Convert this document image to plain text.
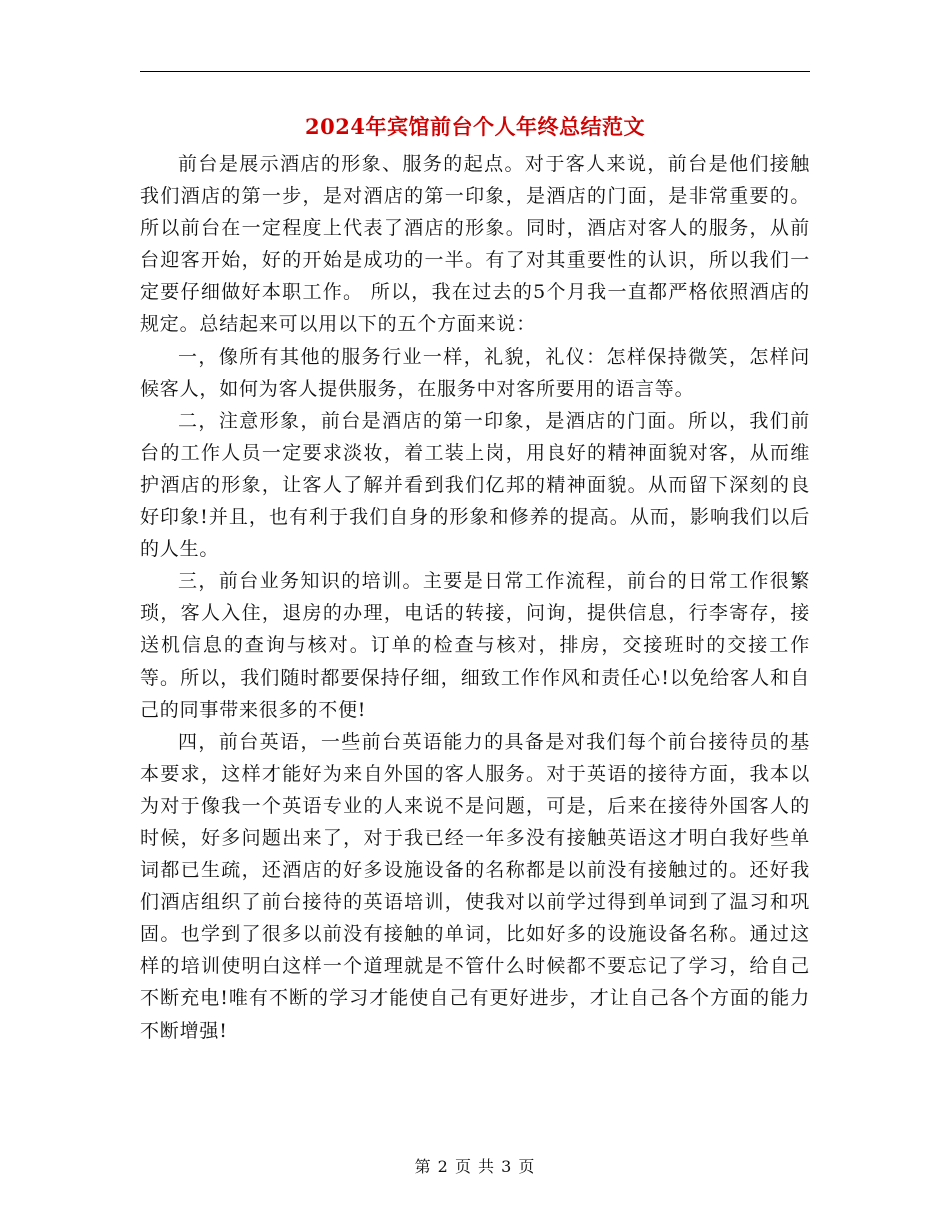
2024年宾馆前台个人年终总结范文

前台是展示酒店的形象、服务的起点。对于客人来说，前台是他们接触我们酒店的第一步，是对酒店的第一印象，是酒店的门面，是非常重要的。所以前台在一定程度上代表了酒店的形象。同时，酒店对客人的服务，从前台迎客开始，好的开始是成功的一半。有了对其重要性的认识，所以我们一定要仔细做好本职工作。 所以，我在过去的5个月我一直都严格依照酒店的规定。总结起来可以用以下的五个方面来说：

一，像所有其他的服务行业一样，礼貌，礼仪：怎样保持微笑，怎样问候客人，如何为客人提供服务，在服务中对客所要用的语言等。

二，注意形象，前台是酒店的第一印象，是酒店的门面。所以，我们前台的工作人员一定要求淡妆，着工装上岗，用良好的精神面貌对客，从而维护酒店的形象，让客人了解并看到我们亿邦的精神面貌。从而留下深刻的良好印象!并且，也有利于我们自身的形象和修养的提高。从而，影响我们以后的人生。

三，前台业务知识的培训。主要是日常工作流程，前台的日常工作很繁琐，客人入住，退房的办理，电话的转接，问询，提供信息，行李寄存，接送机信息的查询与核对。订单的检查与核对，排房，交接班时的交接工作等。所以，我们随时都要保持仔细，细致工作作风和责任心!以免给客人和自己的同事带来很多的不便!

四，前台英语，一些前台英语能力的具备是对我们每个前台接待员的基本要求，这样才能好为来自外国的客人服务。对于英语的接待方面，我本以为对于像我一个英语专业的人来说不是问题，可是，后来在接待外国客人的时候，好多问题出来了，对于我已经一年多没有接触英语这才明白我好些单词都已生疏，还酒店的好多设施设备的名称都是以前没有接触过的。还好我们酒店组织了前台接待的英语培训，使我对以前学过得到单词到了温习和巩固。也学到了很多以前没有接触的单词，比如好多的设施设备名称。通过这样的培训使明白这样一个道理就是不管什么时候都不要忘记了学习，给自己不断充电!唯有不断的学习才能使自己有更好进步，才让自己各个方面的能力不断增强!

第 2 页 共 3 页
